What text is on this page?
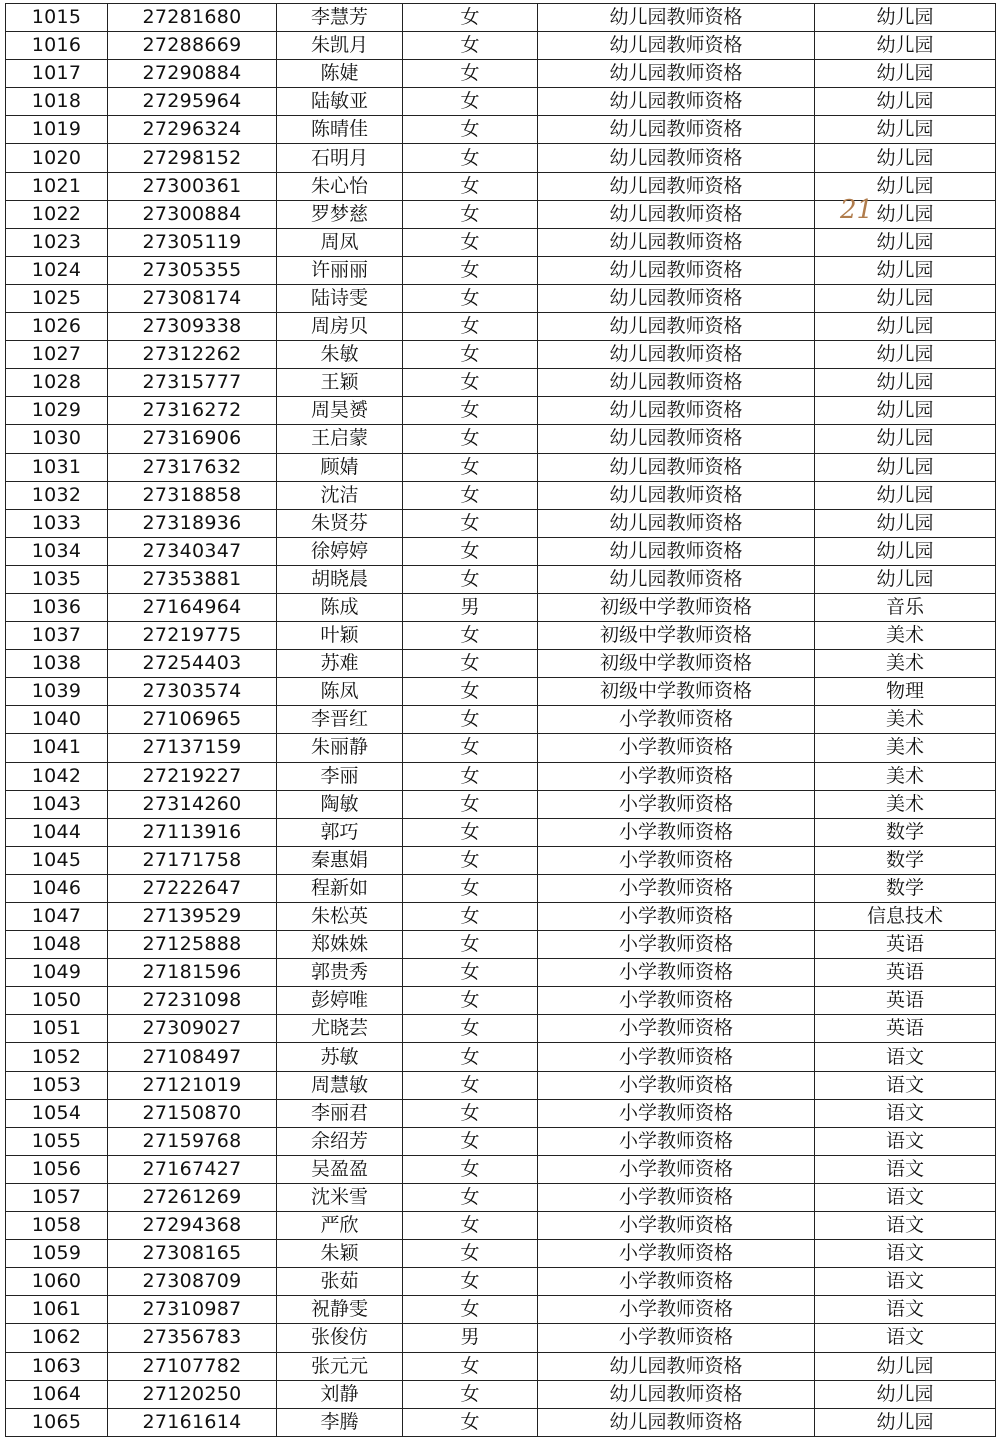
1015	27281680	李慧芳	女	幼儿园教师资格	幼儿园
1016	27288669	朱凯月	女	幼儿园教师资格	幼儿园
1017	27290884	陈婕	女	幼儿园教师资格	幼儿园
1018	27295964	陆敏亚	女	幼儿园教师资格	幼儿园
1019	27296324	陈晴佳	女	幼儿园教师资格	幼儿园
1020	27298152	石明月	女	幼儿园教师资格	幼儿园
1021	27300361	朱心怡	女	幼儿园教师资格	幼儿园
1022	27300884	罗梦慈	女	幼儿园教师资格	幼儿园
1023	27305119	周凤	女	幼儿园教师资格	幼儿园
1024	27305355	许丽丽	女	幼儿园教师资格	幼儿园
1025	27308174	陆诗雯	女	幼儿园教师资格	幼儿园
1026	27309338	周房贝	女	幼儿园教师资格	幼儿园
1027	27312262	朱敏	女	幼儿园教师资格	幼儿园
1028	27315777	王颖	女	幼儿园教师资格	幼儿园
1029	27316272	周昊赟	女	幼儿园教师资格	幼儿园
1030	27316906	王启蒙	女	幼儿园教师资格	幼儿园
1031	27317632	顾婧	女	幼儿园教师资格	幼儿园
1032	27318858	沈洁	女	幼儿园教师资格	幼儿园
1033	27318936	朱贤芬	女	幼儿园教师资格	幼儿园
1034	27340347	徐婷婷	女	幼儿园教师资格	幼儿园
1035	27353881	胡晓晨	女	幼儿园教师资格	幼儿园
1036	27164964	陈成	男	初级中学教师资格	音乐
1037	27219775	叶颖	女	初级中学教师资格	美术
1038	27254403	苏难	女	初级中学教师资格	美术
1039	27303574	陈凤	女	初级中学教师资格	物理
1040	27106965	李晋红	女	小学教师资格	美术
1041	27137159	朱丽静	女	小学教师资格	美术
1042	27219227	李丽	女	小学教师资格	美术
1043	27314260	陶敏	女	小学教师资格	美术
1044	27113916	郭巧	女	小学教师资格	数学
1045	27171758	秦惠娟	女	小学教师资格	数学
1046	27222647	程新如	女	小学教师资格	数学
1047	27139529	朱松英	女	小学教师资格	信息技术
1048	27125888	郑姝姝	女	小学教师资格	英语
1049	27181596	郭贵秀	女	小学教师资格	英语
1050	27231098	彭婷唯	女	小学教师资格	英语
1051	27309027	尤晓芸	女	小学教师资格	英语
1052	27108497	苏敏	女	小学教师资格	语文
1053	27121019	周慧敏	女	小学教师资格	语文
1054	27150870	李丽君	女	小学教师资格	语文
1055	27159768	余绍芳	女	小学教师资格	语文
1056	27167427	吴盈盈	女	小学教师资格	语文
1057	27261269	沈米雪	女	小学教师资格	语文
1058	27294368	严欣	女	小学教师资格	语文
1059	27308165	朱颖	女	小学教师资格	语文
1060	27308709	张茹	女	小学教师资格	语文
1061	27310987	祝静雯	女	小学教师资格	语文
1062	27356783	张俊仿	男	小学教师资格	语文
1063	27107782	张元元	女	幼儿园教师资格	幼儿园
1064	27120250	刘静	女	幼儿园教师资格	幼儿园
1065	27161614	李腾	女	幼儿园教师资格	幼儿园
21
